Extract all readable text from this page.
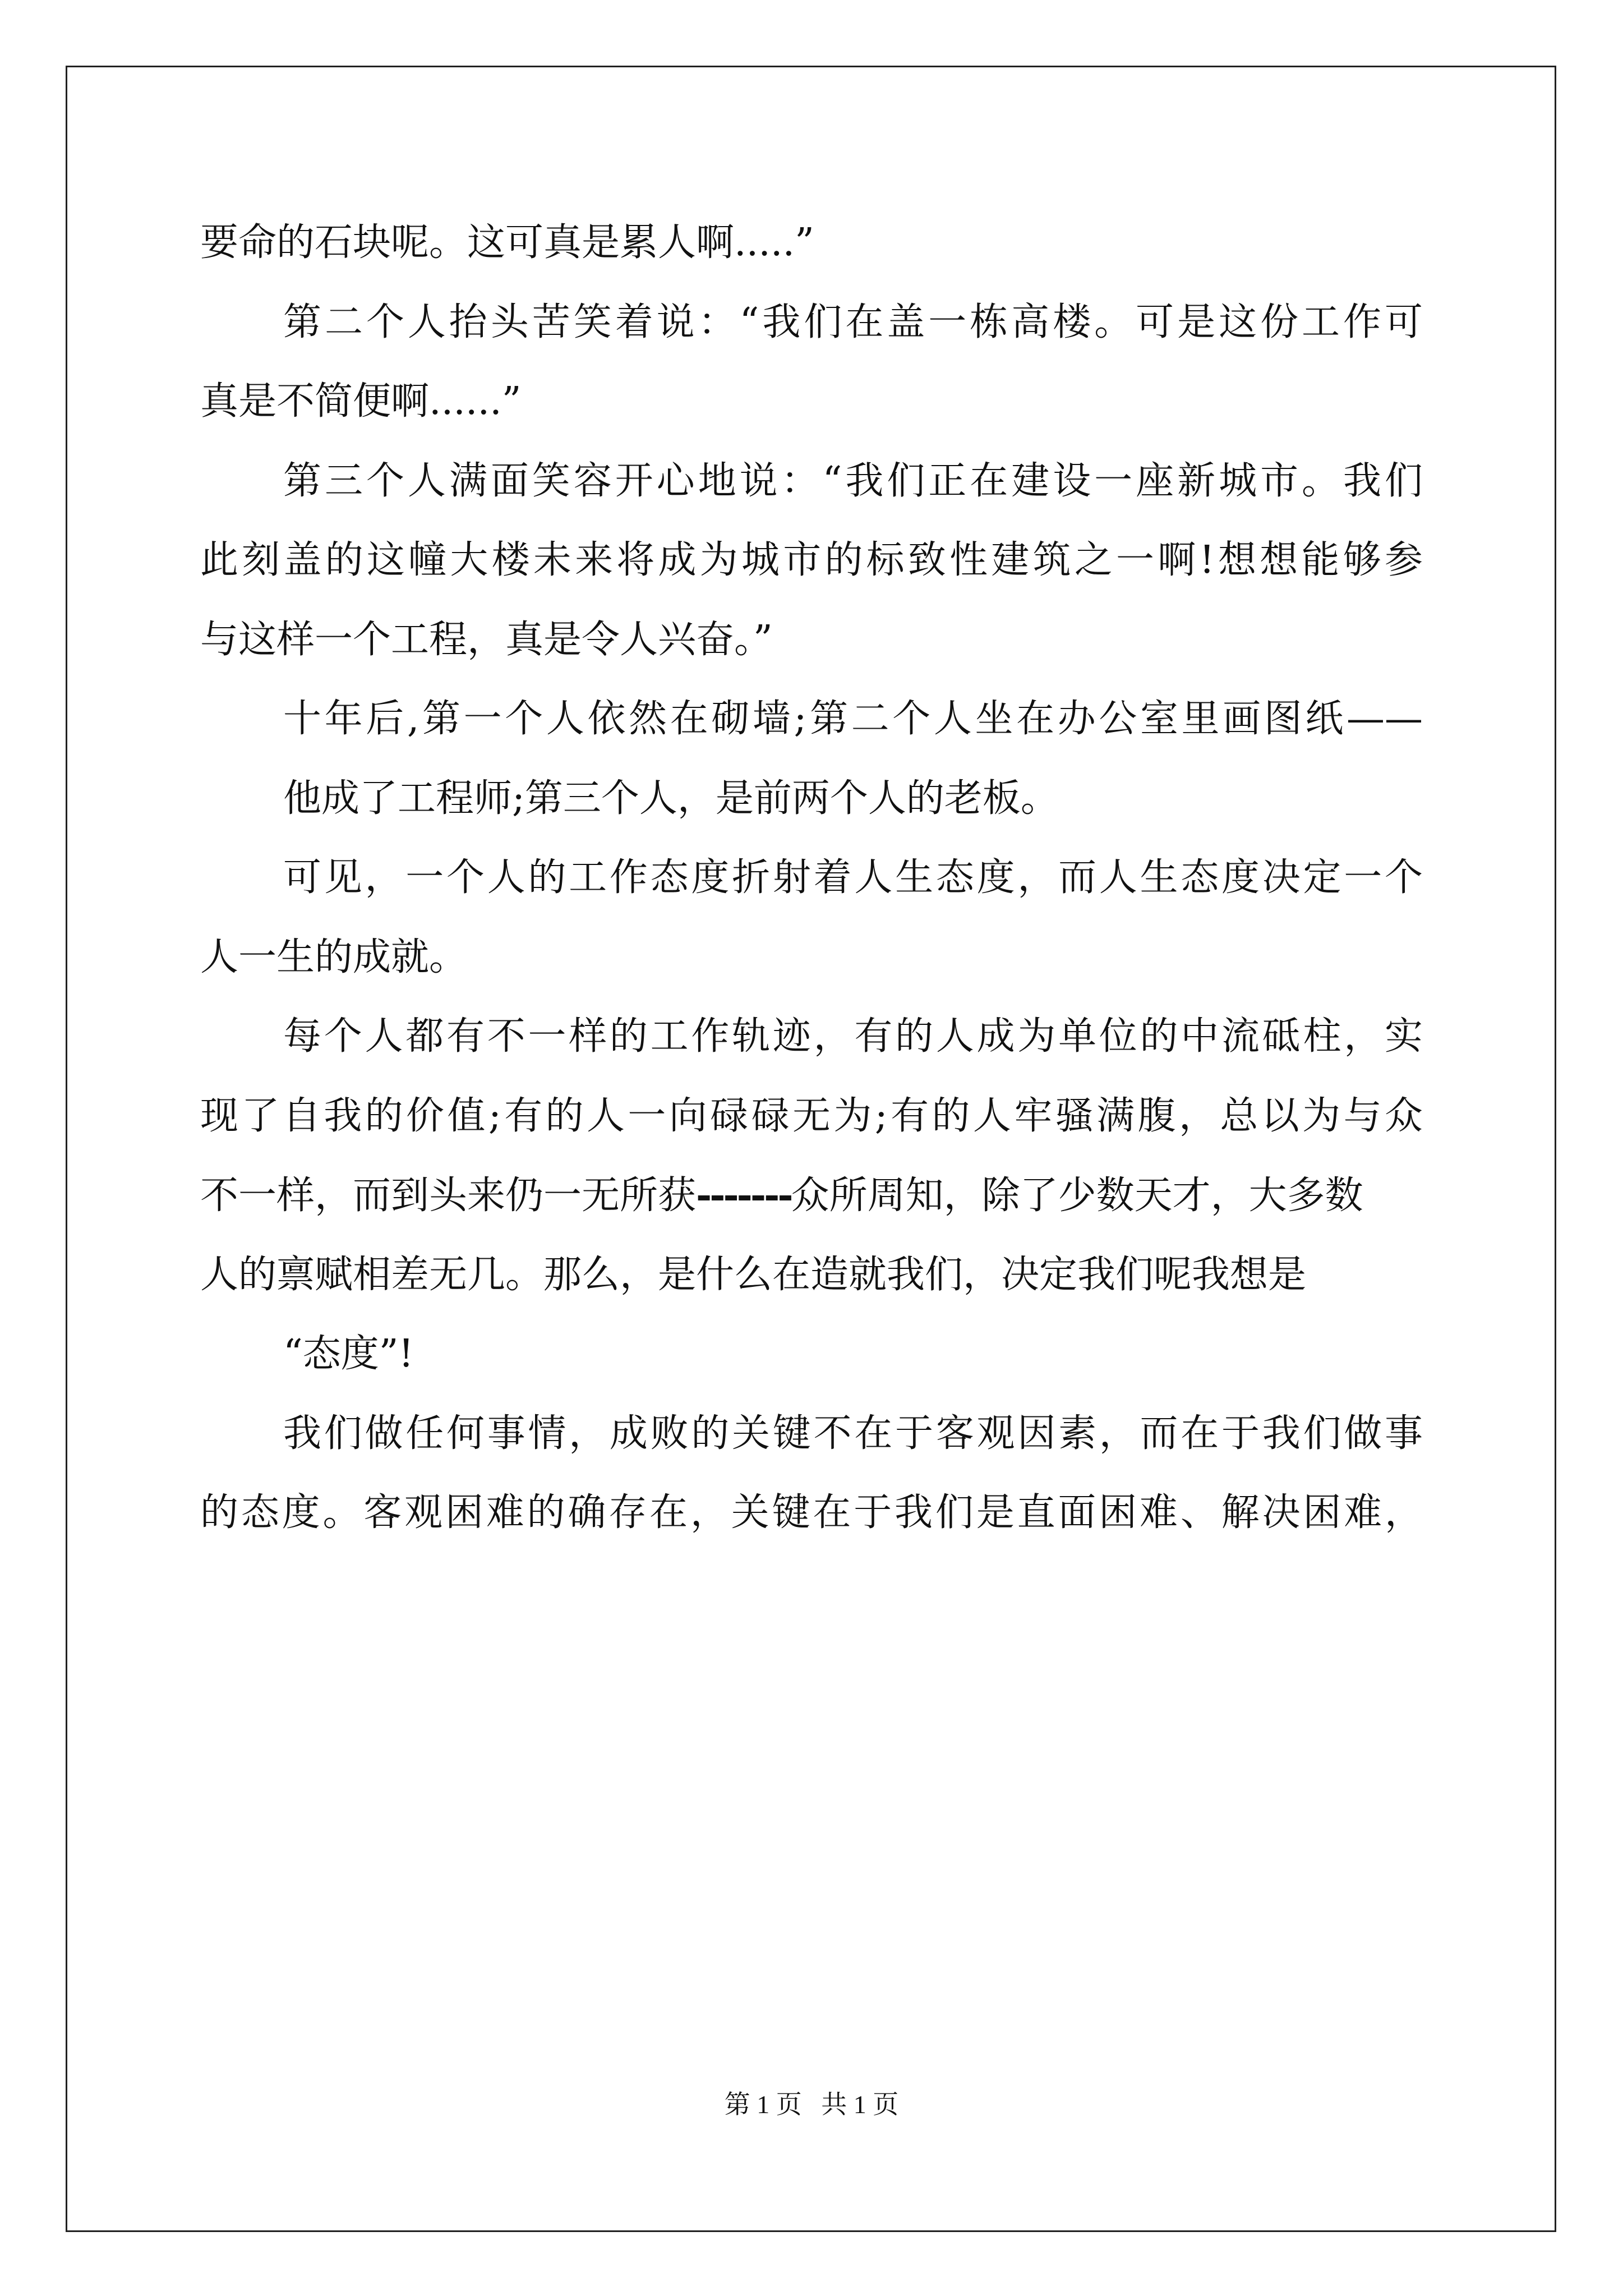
要命的石块呢。这可真是累人啊.....”
第二个人抬头苦笑着说：“我们在盖一栋高楼。可是这份工作可
真是不简便啊......”
第三个人满面笑容开心地说：“我们正在建设一座新城市。我们
此刻盖的这幢大楼未来将成为城市的标致性建筑之一啊!想想能够参
与这样一个工程，真是令人兴奋。”
十年后,第一个人依然在砌墙;第二个人坐在办公室里画图纸——
他成了工程师;第三个人，是前两个人的老板。
可见，一个人的工作态度折射着人生态度，而人生态度决定一个
人一生的成就。
每个人都有不一样的工作轨迹，有的人成为单位的中流砥柱，实
现了自我的价值;有的人一向碌碌无为;有的人牢骚满腹，总以为与众
不一样，而到头来仍一无所获-------众所周知，除了少数天才，大多数
人的禀赋相差无几。那么，是什么在造就我们，决定我们呢我想是
“态度”!
我们做任何事情，成败的关键不在于客观因素，而在于我们做事
的态度。客观困难的确存在，关键在于我们是直面困难、解决困难，
第 1 页 共 1 页
